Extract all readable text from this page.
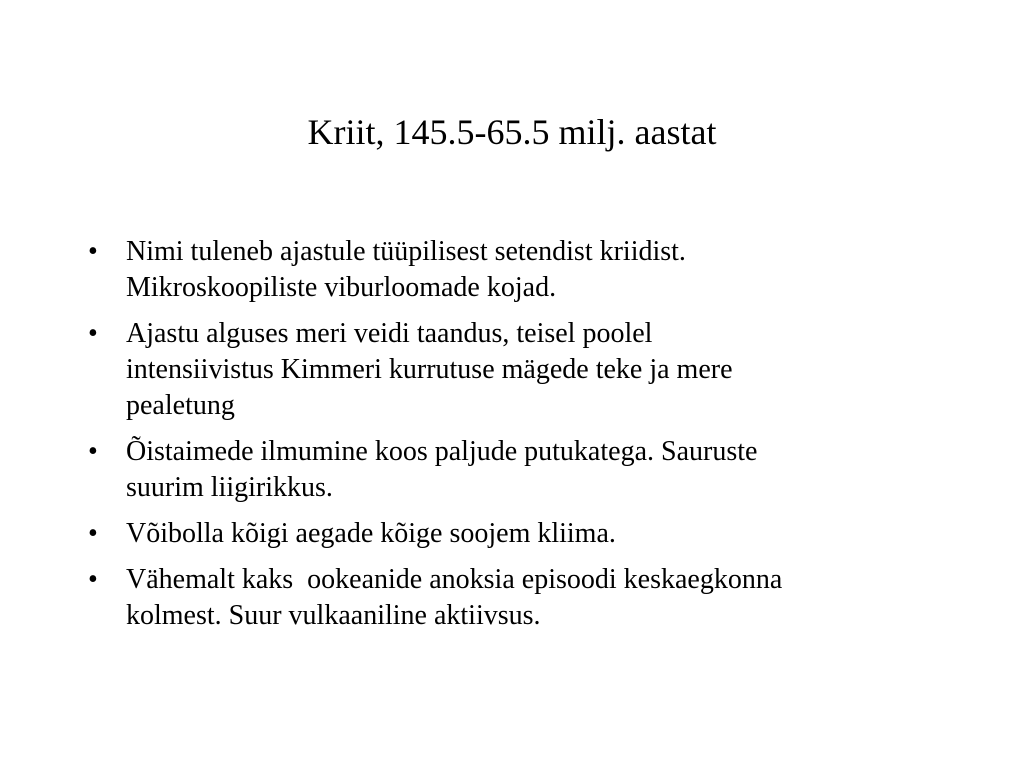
Kriit, 145.5-65.5 milj. aastat
•	Nimi tuleneb ajastule tüüpilisest setendist kriidist.
Mikroskoopiliste viburloomade kojad.
•	Ajastu alguses meri veidi taandus, teisel poolel
intensiivistus Kimmeri kurrutuse mägede teke ja mere
pealetung
•	Õistaimede ilmumine koos paljude putukatega. Sauruste
suurim liigirikkus.
•	Võibolla kõigi aegade kõige soojem kliima.
•	Vähemalt kaks  ookeanide anoksia episoodi keskaegkonna
kolmest. Suur vulkaaniline aktiivsus.
